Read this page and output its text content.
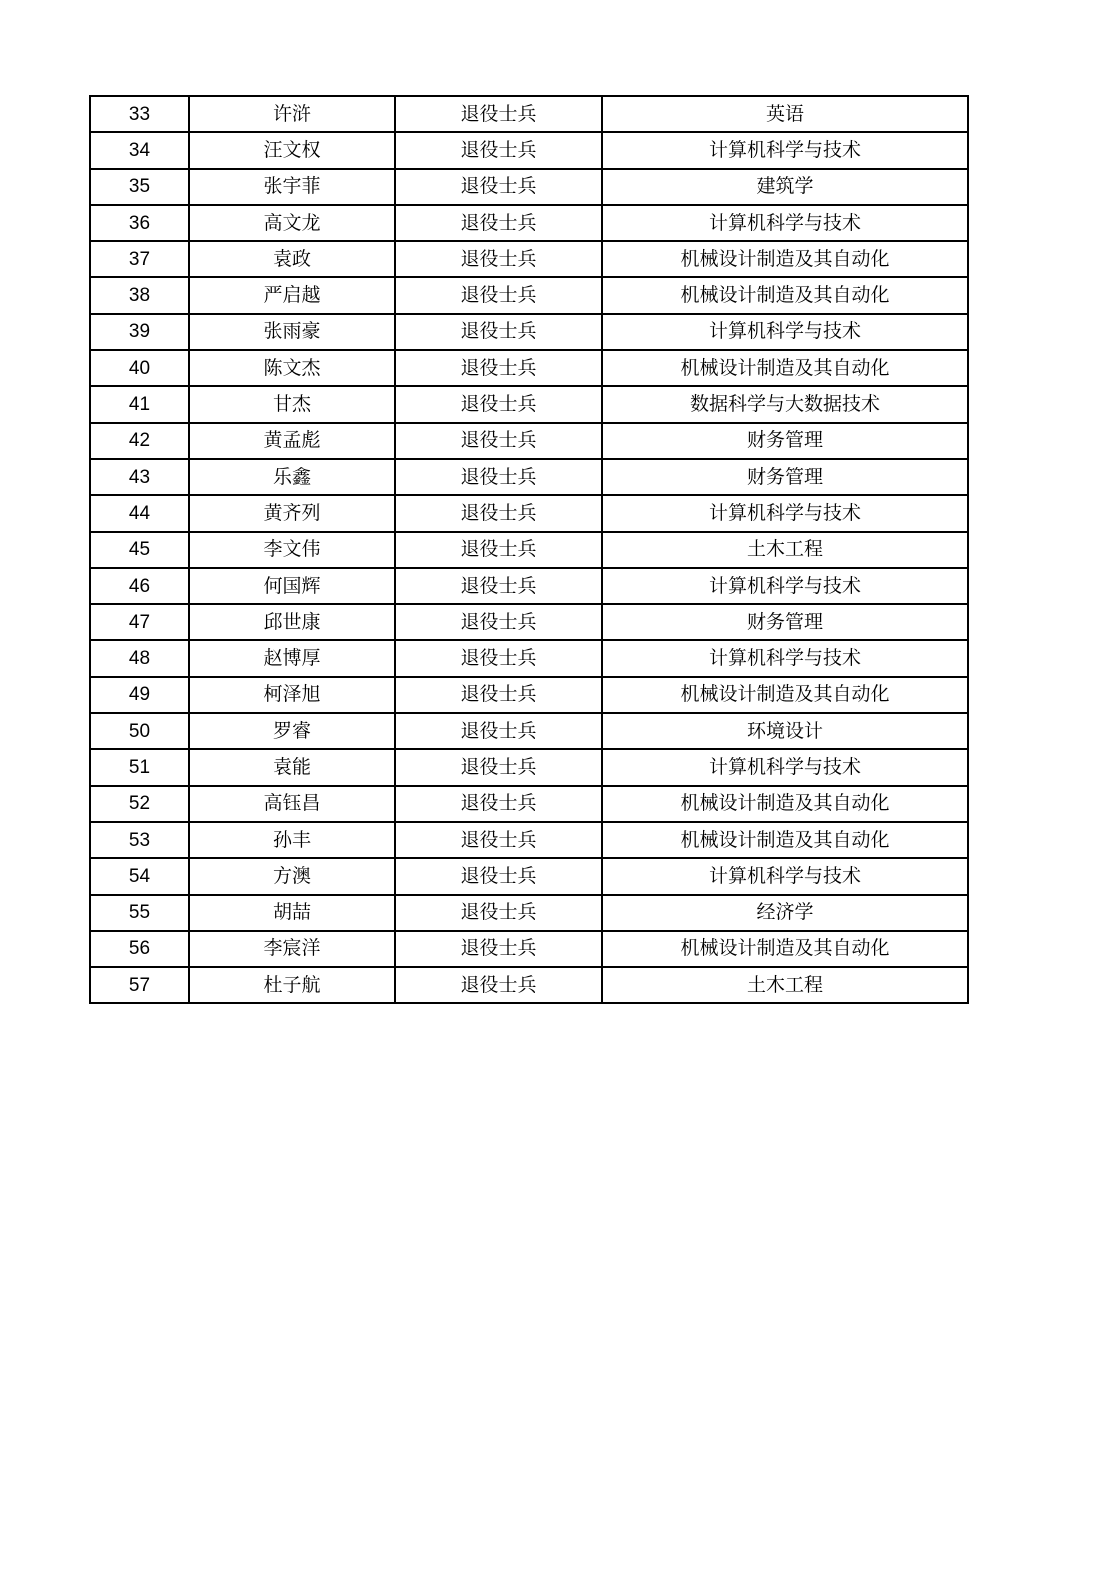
33	许浒	退役士兵	英语
34	汪文权	退役士兵	计算机科学与技术
35	张宇菲	退役士兵	建筑学
36	高文龙	退役士兵	计算机科学与技术
37	袁政	退役士兵	机械设计制造及其自动化
38	严启越	退役士兵	机械设计制造及其自动化
39	张雨豪	退役士兵	计算机科学与技术
40	陈文杰	退役士兵	机械设计制造及其自动化
41	甘杰	退役士兵	数据科学与大数据技术
42	黄孟彪	退役士兵	财务管理
43	乐鑫	退役士兵	财务管理
44	黄齐列	退役士兵	计算机科学与技术
45	李文伟	退役士兵	土木工程
46	何国辉	退役士兵	计算机科学与技术
47	邱世康	退役士兵	财务管理
48	赵博厚	退役士兵	计算机科学与技术
49	柯泽旭	退役士兵	机械设计制造及其自动化
50	罗睿	退役士兵	环境设计
51	袁能	退役士兵	计算机科学与技术
52	高钰昌	退役士兵	机械设计制造及其自动化
53	孙丰	退役士兵	机械设计制造及其自动化
54	方澳	退役士兵	计算机科学与技术
55	胡喆	退役士兵	经济学
56	李宸洋	退役士兵	机械设计制造及其自动化
57	杜子航	退役士兵	土木工程
